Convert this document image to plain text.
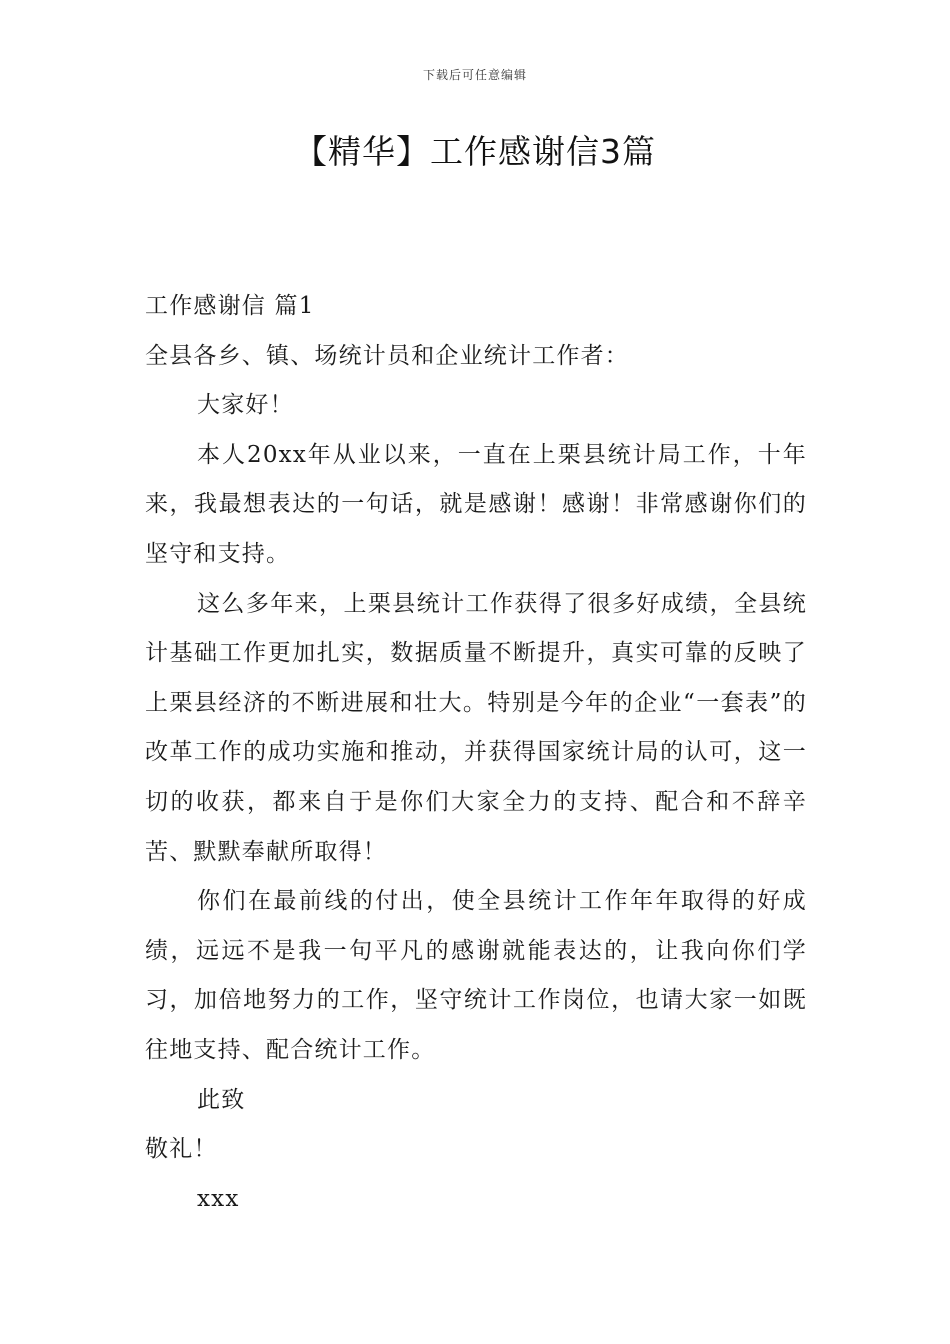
下载后可任意编辑
【精华】工作感谢信3篇

工作感谢信 篇1

全县各乡、镇、场统计员和企业统计工作者：

大家好！

本人20xx年从业以来，一直在上栗县统计局工作，十年来，我最想表达的一句话，就是感谢！感谢！非常感谢你们的坚守和支持。

这么多年来，上栗县统计工作获得了很多好成绩，全县统计基础工作更加扎实，数据质量不断提升，真实可靠的反映了上栗县经济的不断进展和壮大。特别是今年的企业“一套表”的改革工作的成功实施和推动，并获得国家统计局的认可，这一切的收获，都来自于是你们大家全力的支持、配合和不辞辛苦、默默奉献所取得！

你们在最前线的付出，使全县统计工作年年取得的好成绩，远远不是我一句平凡的感谢就能表达的，让我向你们学习，加倍地努力的工作，坚守统计工作岗位，也请大家一如既往地支持、配合统计工作。

此致

敬礼！

xxx
